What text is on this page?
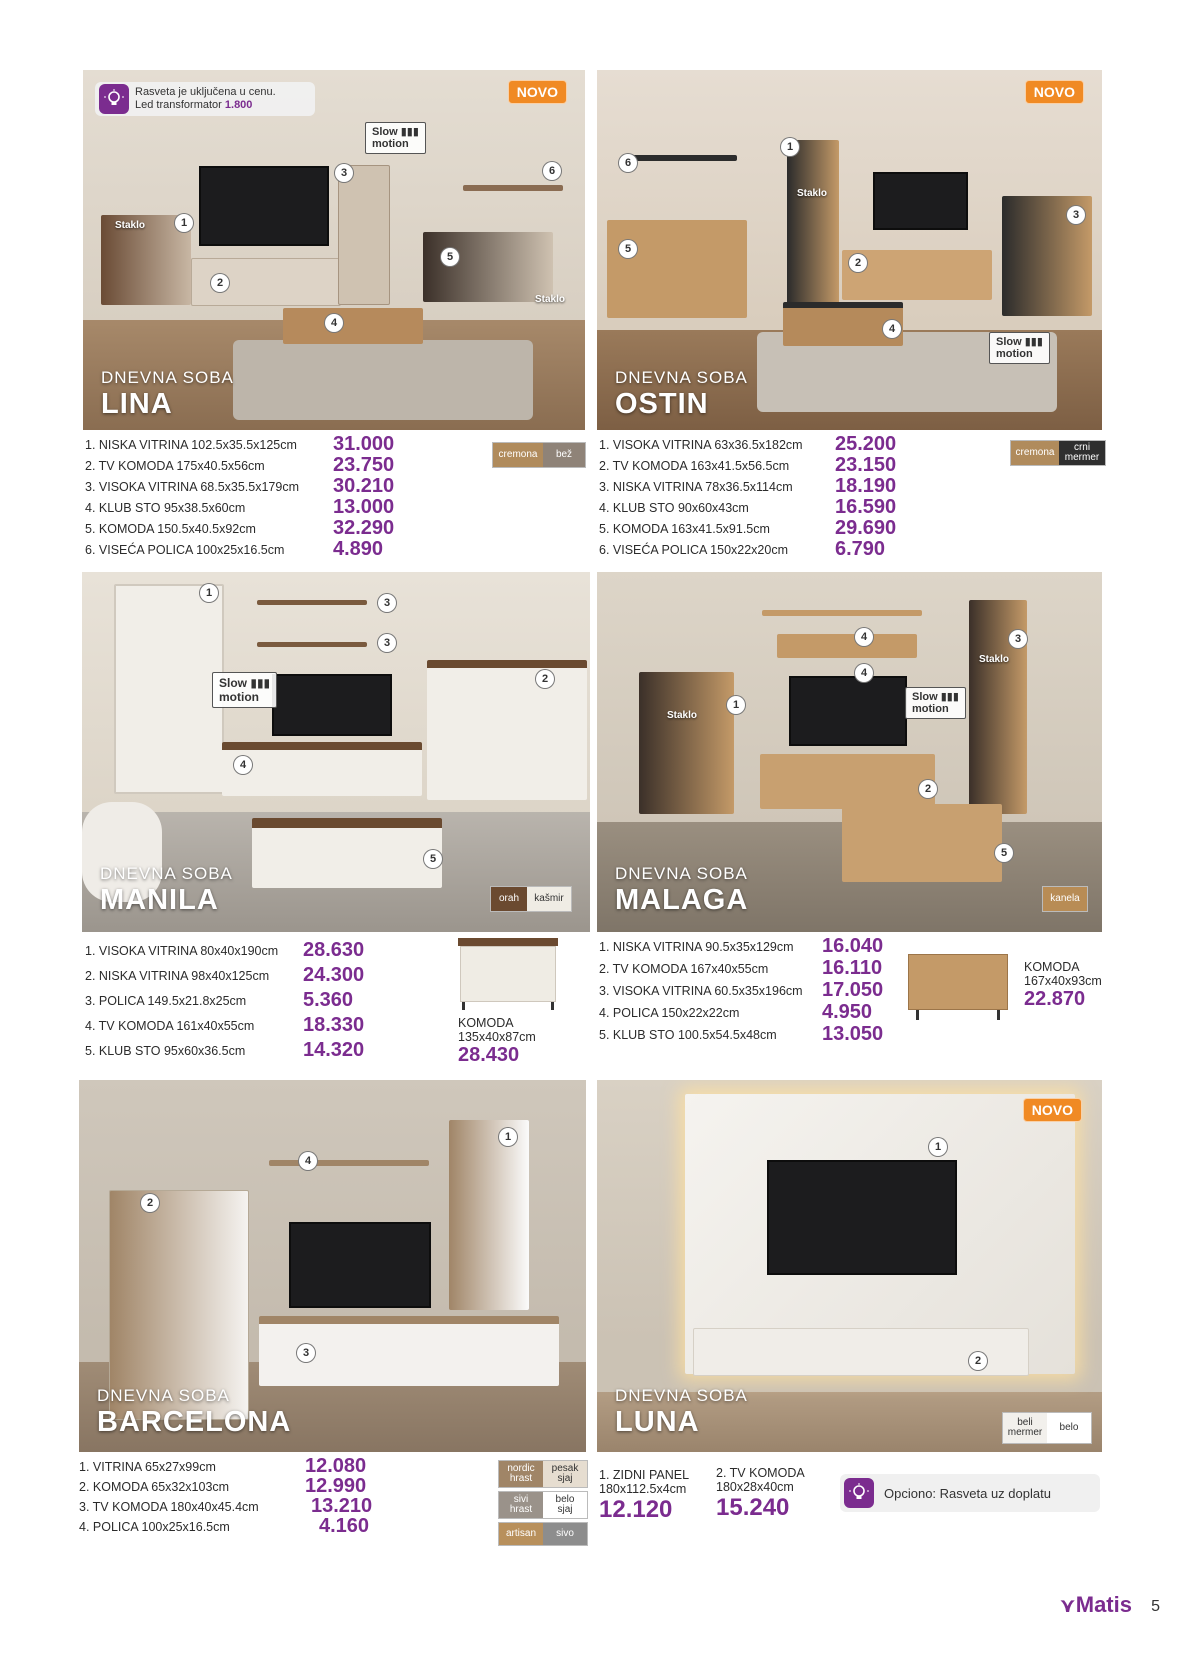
Rasveta je uključena u cenu.
Led transformator 1.800
NOVO
Slow ▮▮▮
motion
Staklo
Staklo
1
2
3
4
5
6
DNEVNA SOBA
LINA
1. NISKA VITRINA 102.5x35.5x125cm 31.000
2. TV KOMODA 175x40.5x56cm	23.750
3. VISOKA VITRINA 68.5x35.5x179cm 30.210
4. KLUB STO 95x38.5x60cm	13.000
5. KOMODA 150.5x40.5x92cm	32.290
6. VISEĆA POLICA 100x25x16.5cm 4.890
cremona	bež
NOVO
Slow ▮▮▮
motion
Staklo
1
2
3
4
5
6
DNEVNA SOBA
OSTIN
1. VISOKA VITRINA 63x36.5x182cm 25.200
2. TV KOMODA 163x41.5x56.5cm 23.150
3. NISKA VITRINA 78x36.5x114cm 18.190
4. KLUB STO 90x60x43cm	16.590
5. KOMODA 163x41.5x91.5cm	29.690
6. VISEĆA POLICA 150x22x20cm 6.790
cremona	crni mermer
Slow ▮▮▮
motion
1
2
3
3
4
5
orah	kašmir
DNEVNA SOBA
MANILA
1. VISOKA VITRINA 80x40x190cm 28.630
2. NISKA VITRINA 98x40x125cm 24.300
3. POLICA 149.5x21.8x25cm	5.360
4. TV KOMODA 161x40x55cm 18.330
5. KLUB STO 95x60x36.5cm	14.320
KOMODA
135x40x87cm
28.430
Slow ▮▮▮
motion
Staklo
Staklo
1
2
3
4
4
5
kanela
DNEVNA SOBA
MALAGA
1. NISKA VITRINA 90.5x35x129cm 16.040
2. TV KOMODA 167x40x55cm	16.110
3. VISOKA VITRINA 60.5x35x196cm 17.050
4. POLICA 150x22x22cm	4.950
5. KLUB STO 100.5x54.5x48cm 13.050
KOMODA
167x40x93cm
22.870
1
2
3
4
DNEVNA SOBA
BARCELONA
1. VITRINA 65x27x99cm	12.080
2. KOMODA 65x32x103cm	12.990
3. TV KOMODA 180x40x45.4cm	13.210
4. POLICA 100x25x16.5cm	4.160
nordic hrast
pesak sjaj
sivi hrast
belo sjaj
artisan	sivo
NOVO
1
2
beli mermer	belo
DNEVNA SOBA
LUNA
1. ZIDNI PANEL
180x112.5x4cm
12.120
2. TV KOMODA
180x28x40cm
15.240
Opciono: Rasveta uz doplatu
⋎Matis 5
